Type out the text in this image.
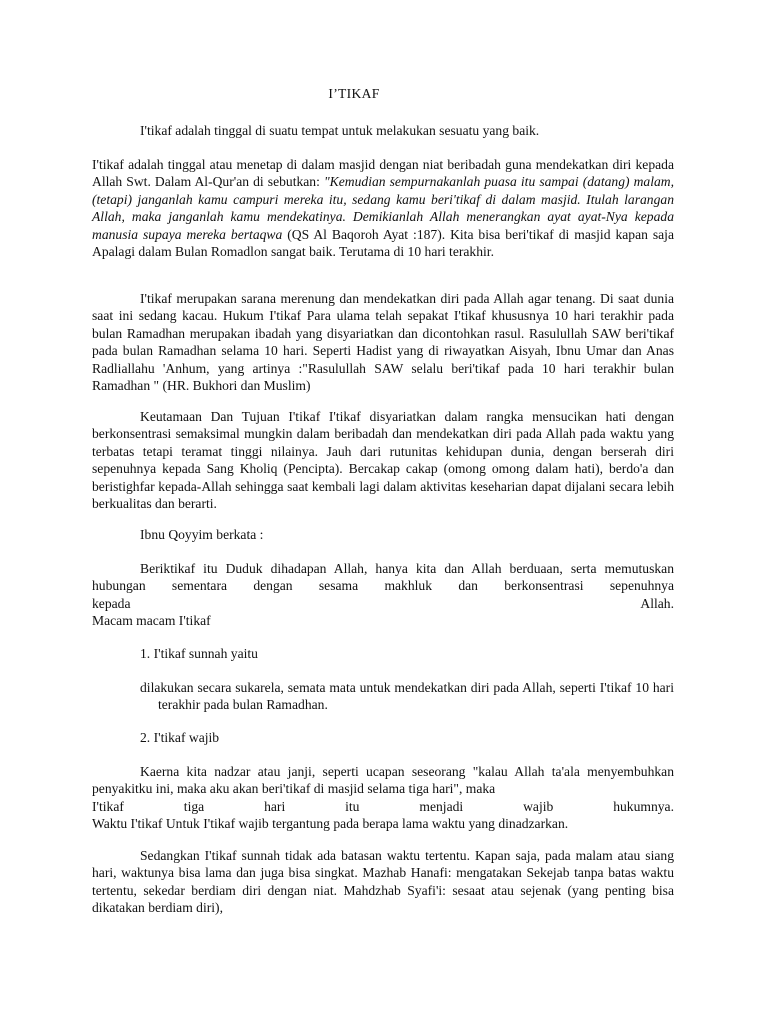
I’TIKAF

I'tikaf adalah tinggal di suatu tempat untuk melakukan sesuatu yang baik.

I'tikaf adalah tinggal atau menetap di dalam masjid dengan niat beribadah guna mendekatkan diri kepada Allah Swt. Dalam Al-Qur'an di sebutkan: "Kemudian sempurnakanlah puasa itu sampai (datang) malam, (tetapi) janganlah kamu campuri mereka itu, sedang kamu beri'tikaf di dalam masjid. Itulah larangan Allah, maka janganlah kamu mendekatinya. Demikianlah Allah menerangkan ayat ayat-Nya kepada manusia supaya mereka bertaqwa (QS Al Baqoroh Ayat :187). Kita bisa beri'tikaf di masjid kapan saja Apalagi dalam Bulan Romadlon sangat baik. Terutama di 10 hari terakhir.

I'tikaf merupakan sarana merenung dan mendekatkan diri pada Allah agar tenang. Di saat dunia saat ini sedang kacau. Hukum I'tikaf Para ulama telah sepakat I'tikaf khususnya 10 hari terakhir pada bulan Ramadhan merupakan ibadah yang disyariatkan dan dicontohkan rasul. Rasulullah SAW beri'tikaf pada bulan Ramadhan selama 10 hari. Seperti Hadist yang di riwayatkan Aisyah, Ibnu Umar dan Anas Radliallahu 'Anhum, yang artinya :"Rasulullah SAW selalu beri'tikaf pada 10 hari terakhir bulan Ramadhan " (HR. Bukhori dan Muslim)

Keutamaan Dan Tujuan I'tikaf I'tikaf disyariatkan dalam rangka mensucikan hati dengan berkonsentrasi semaksimal mungkin dalam beribadah dan mendekatkan diri pada Allah pada waktu yang terbatas tetapi teramat tinggi nilainya. Jauh dari rutunitas kehidupan dunia, dengan berserah diri sepenuhnya kepada Sang Kholiq (Pencipta). Bercakap cakap (omong omong dalam hati), berdo'a dan beristighfar kepada-Allah sehingga saat kembali lagi dalam aktivitas keseharian dapat dijalani secara lebih berkualitas dan berarti.

Ibnu Qoyyim berkata :

Beriktikaf itu Duduk dihadapan Allah, hanya kita dan Allah berduaan, serta memutuskan hubungan sementara dengan sesama makhluk dan berkonsentrasi sepenuhnya
kepada Allah.
Macam macam I'tikaf

1. I'tikaf sunnah yaitu

dilakukan secara sukarela, semata mata untuk mendekatkan diri pada Allah, seperti I'tikaf 10 hari terakhir pada bulan Ramadhan.

2. I'tikaf wajib

Kaerna kita nadzar atau janji, seperti ucapan seseorang "kalau Allah ta'ala menyembuhkan penyakitku ini, maka aku akan beri'tikaf di masjid selama tiga hari", maka
I'tikaf tiga hari itu menjadi wajib hukumnya.
Waktu I'tikaf Untuk I'tikaf wajib tergantung pada berapa lama waktu yang dinadzarkan.

Sedangkan I'tikaf sunnah tidak ada batasan waktu tertentu. Kapan saja, pada malam atau siang hari, waktunya bisa lama dan juga bisa singkat. Mazhab Hanafi: mengatakan Sekejab tanpa batas waktu tertentu, sekedar berdiam diri dengan niat. Mahdzhab Syafi'i: sesaat atau sejenak (yang penting bisa dikatakan berdiam diri),
